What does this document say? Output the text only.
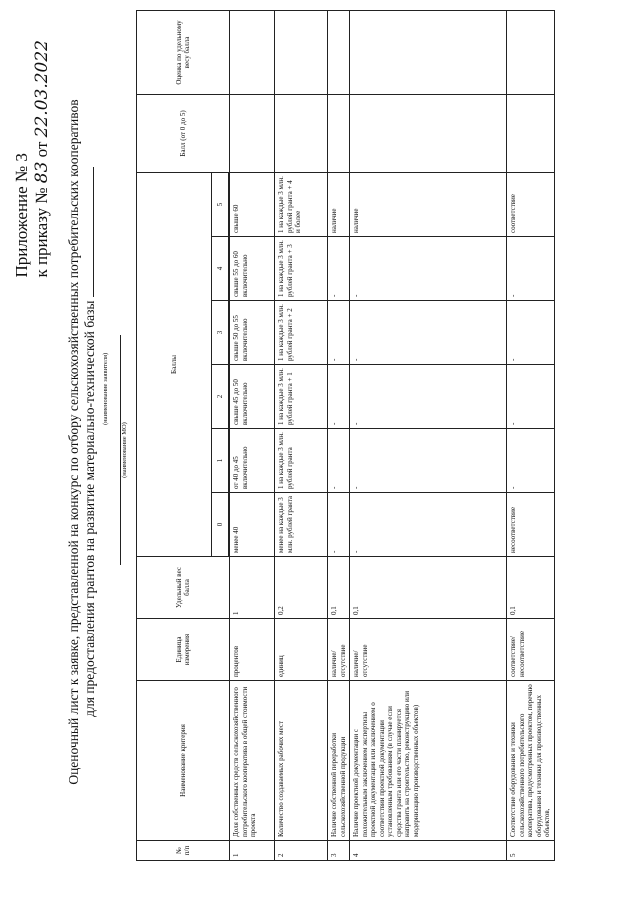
Приложение № 3 к приказу № 83 от 22.03.2022
Оценочный лист к заявке, представленной на конкурс по отбору сельскохозяйственных потребительских кооперативов для предоставления грантов на развитие материально-технической базы (наименование заявителя)
(наименование МО)
№ п/п	Наименование критерия	Единица измерения	Удельный вес балла	Баллы						Балл (от 0 до 5)	Оценка по удельному весу балла
				0	1	2	3	4	5		

1	Доля собственных средств сельскохозяйственного потребительского кооператива в общей стоимости проекта	процентов	1	менее 40	от 40 до 45 включительно	свыше 45 до 50 включительно	свыше 50 до 55 включительно	свыше 55 до 60 включительно	свыше 60		
2	Количество создаваемых рабочих мест	единиц	0,2	менее на каждые 3 млн. рублей гранта	1 на каждые 3 млн. рублей гранта	1 на каждые 3 млн. рублей гранта + 1	1 на каждые 3 млн. рублей гранта + 2	1 на каждые 3 млн. рублей гранта + 3	1 на каждые 3 млн. рублей гранта + 4 и более		
3	Наличие собственной переработки сельскохозяйственной продукции	наличие/ отсутствие	0,1	-	-	-	-	-	наличие		
4	Наличие проектной документации с положительным заключением экспертизы проектной документации или заключением о соответствии проектной документации установленным требованиям (в случае если средства гранта или его части планируется направить на строительство, реконструкцию или модернизацию производственных объектов)	наличие/ отсутствие	0,1	-	-	-	-	-	наличие		
5	Соответствие оборудования и техники сельскохозяйственного потребительского кооператива, предусмотренных проектом, перечню оборудования и техники для производственных объектов,	соответствие/ несоответствие	0,1	несоответствие	-	-	-	-	соответствие		
